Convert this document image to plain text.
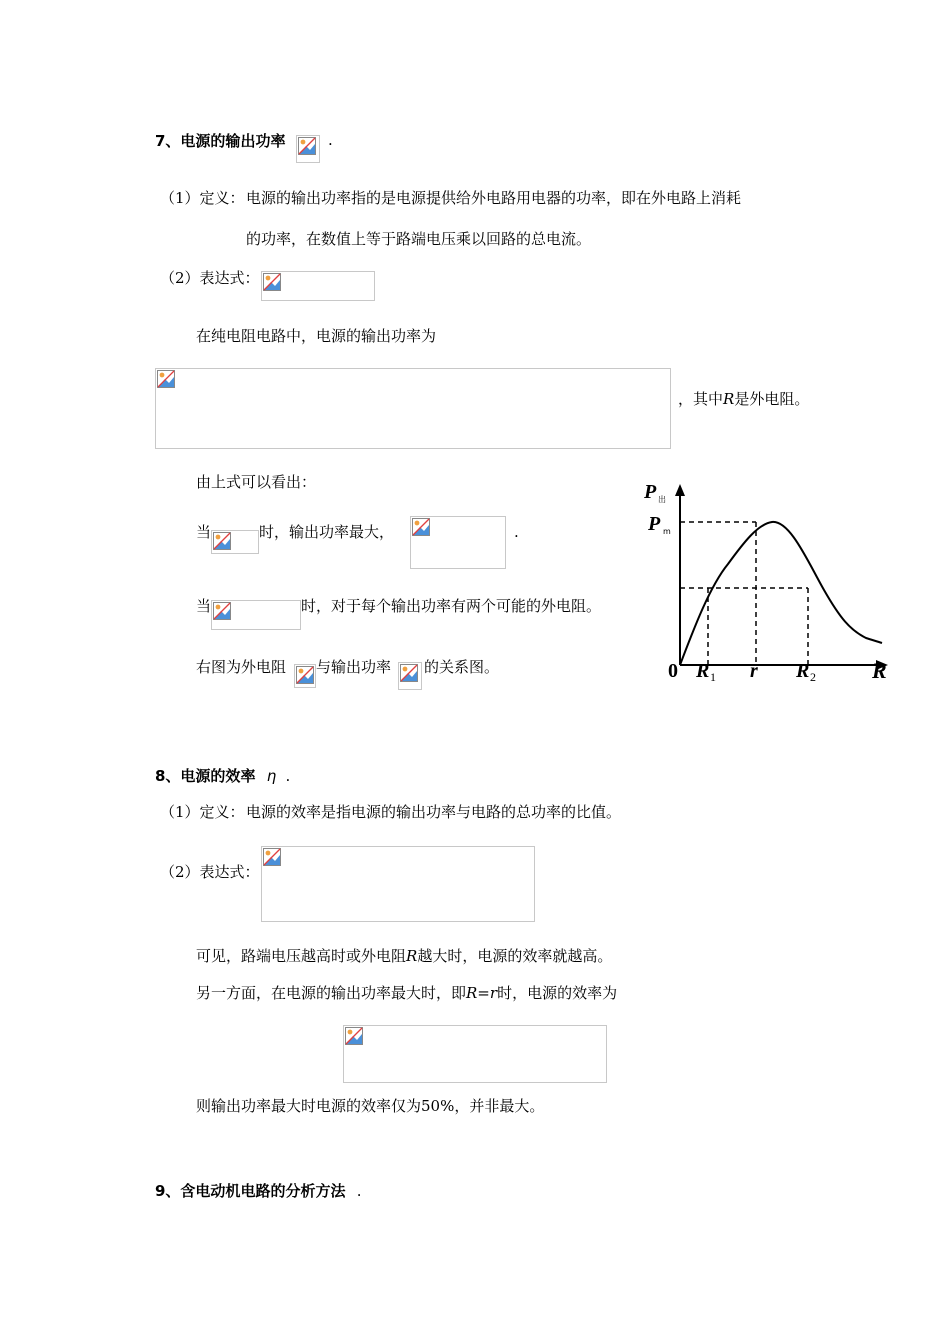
7、电源的输出功率	.
（1）定义： 电源的输出功率指的是电源提供给外电路用电器的功率，即在外电路上消耗
的功率，在数值上等于路端电压乘以回路的总电流。
（2）表达式：
在纯电阻电路中，电源的输出功率为
，其中R是外电阻。
由上式可以看出：
当	时，输出功率最大，	.
当	时，对于每个输出功率有两个可能的外电阻。
右图为外电阻 与输出功率 的关系图。
P 出
P m
0 R 1 r R 2	R
8、电源的效率 η .
（1）定义： 电源的效率是指电源的输出功率与电路的总功率的比值。
（2）表达式：
可见，路端电压越高时或外电阻R越大时，电源的效率就越高。
另一方面，在电源的输出功率最大时，即R=r时，电源的效率为
则输出功率最大时电源的效率仅为50%，并非最大。
9、含电动机电路的分析方法 .
